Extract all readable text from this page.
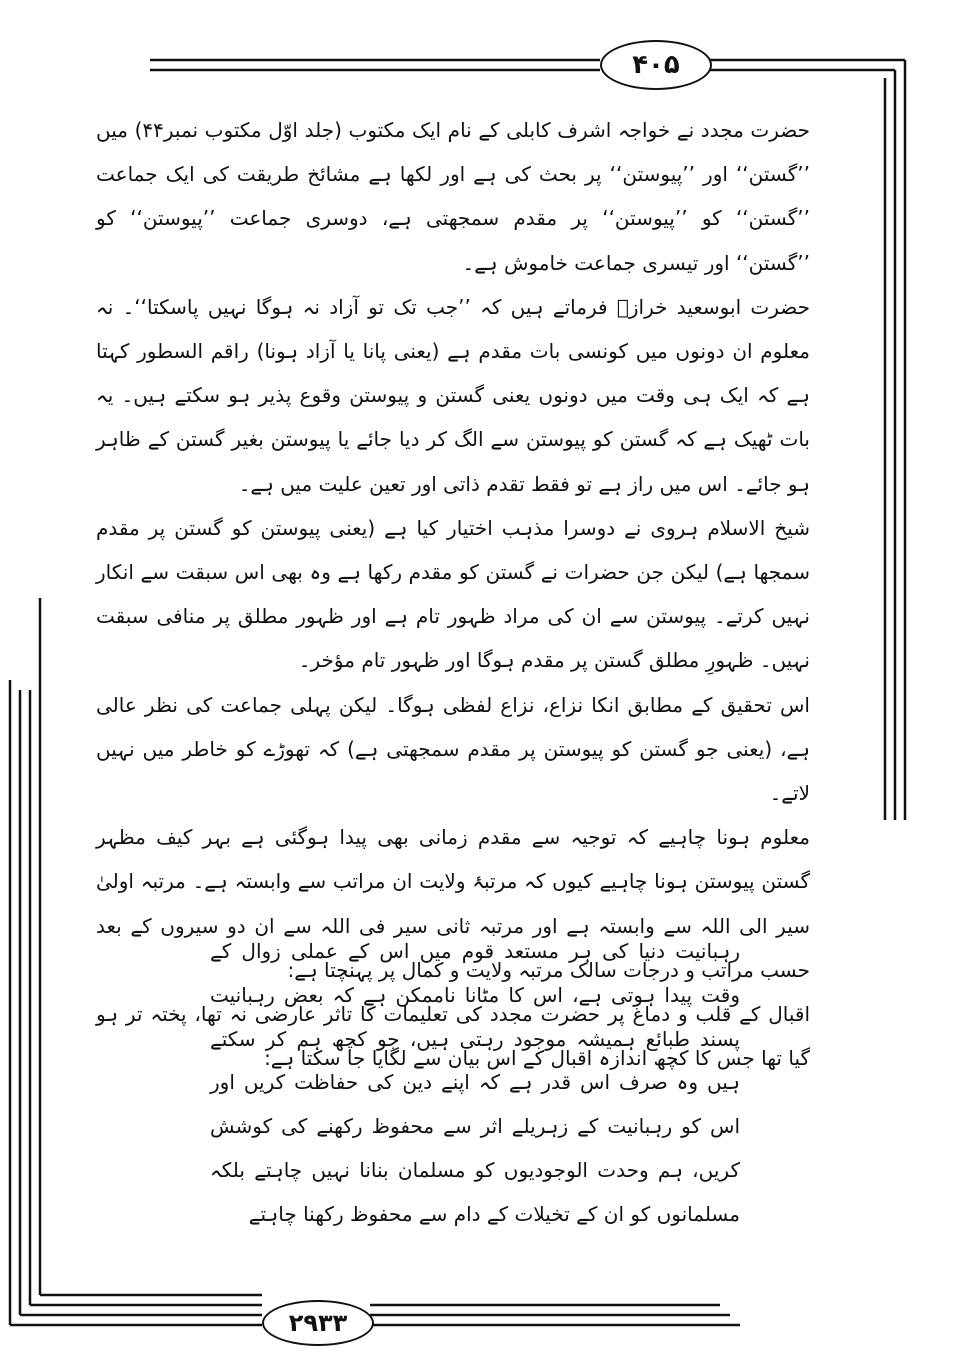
۴۰۵

حضرت مجدد نے خواجہ اشرف کابلی کے نام ایک مکتوب (جلد اوّل مکتوب نمبر۴۴) میں ’’گستن‘‘ اور ’’پیوستن‘‘ پر بحث کی ہے اور لکھا ہے مشائخ طریقت کی ایک جماعت ’’گستن‘‘ کو ’’پیوستن‘‘ پر مقدم سمجھتی ہے، دوسری جماعت ’’پیوستن‘‘ کو ’’گستن‘‘ اور تیسری جماعت خاموش ہے۔

حضرت ابوسعید خرازؒ فرماتے ہیں کہ ’’جب تک تو آزاد نہ ہوگا نہیں پاسکتا‘‘۔ نہ معلوم ان دونوں میں کونسی بات مقدم ہے (یعنی پانا یا آزاد ہونا) راقم السطور کہتا ہے کہ ایک ہی وقت میں دونوں یعنی گستن و پیوستن وقوع پذیر ہو سکتے ہیں۔ یہ بات ٹھیک ہے کہ گستن کو پیوستن سے الگ کر دیا جائے یا پیوستن بغیر گستن کے ظاہر ہو جائے۔ اس میں راز ہے تو فقط تقدم ذاتی اور تعین علیت میں ہے۔

شیخ الاسلام ہروی نے دوسرا مذہب اختیار کیا ہے (یعنی پیوستن کو گستن پر مقدم سمجھا ہے) لیکن جن حضرات نے گستن کو مقدم رکھا ہے وہ بھی اس سبقت سے انکار نہیں کرتے۔ پیوستن سے ان کی مراد ظہور تام ہے اور ظہور مطلق پر منافی سبقت نہیں۔ ظہورِ مطلق گستن پر مقدم ہوگا اور ظہور تام مؤخر۔

اس تحقیق کے مطابق انکا نزاع، نزاع لفظی ہوگا۔ لیکن پہلی جماعت کی نظر عالی ہے، (یعنی جو گستن کو پیوستن پر مقدم سمجھتی ہے) کہ تھوڑے کو خاطر میں نہیں لاتے۔

معلوم ہونا چاہیے کہ توجیہ سے مقدم زمانی بھی پیدا ہوگئی ہے بہر کیف مظہر گستن پیوستن ہونا چاہیے کیوں کہ مرتبۂ ولایت ان مراتب سے وابستہ ہے۔ مرتبہ اولیٰ سیر الی اللہ سے وابستہ ہے اور مرتبہ ثانی سیر فی اللہ سے ان دو سیروں کے بعد حسب مراتب و درجات سالک مرتبہ ولایت و کمال پر پہنچتا ہے:

اقبال کے قلب و دماغ پر حضرت مجدد کی تعلیمات کا تاثر عارضی نہ تھا، پختہ تر ہو گیا تھا جس کا کچھ اندازہ اقبال کے اس بیان سے لگایا جا سکتا ہے:

رہبانیت دنیا کی ہر مستعد قوم میں اس کے عملی زوال کے وقت پیدا ہوتی ہے، اس کا مٹانا ناممکن ہے کہ بعض رہبانیت پسند طبائع ہمیشہ موجود رہتی ہیں، جو کچھ ہم کر سکتے ہیں وہ صرف اس قدر ہے کہ اپنے دین کی حفاظت کریں اور اس کو رہبانیت کے زہریلے اثر سے محفوظ رکھنے کی کوشش کریں، ہم وحدت الوجودیوں کو مسلمان بنانا نہیں چاہتے بلکہ مسلمانوں کو ان کے تخیلات کے دام سے محفوظ رکھنا چاہتے
۲۹۳۳
